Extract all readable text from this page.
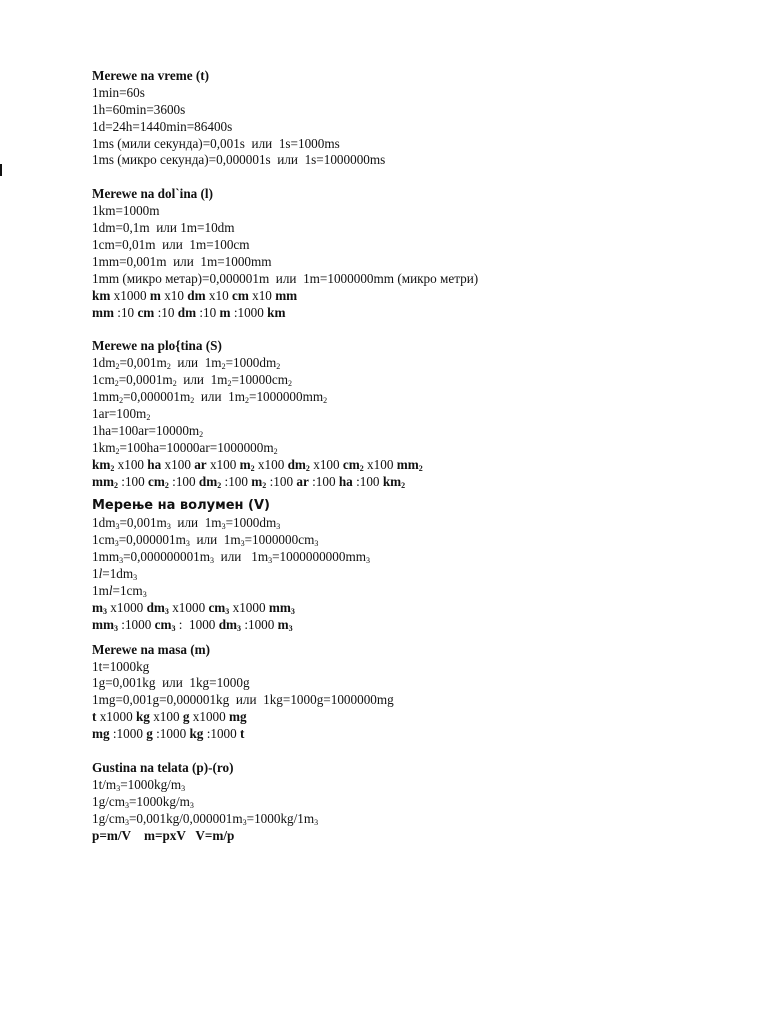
Merewe na vreme (t)
1min=60s
1h=60min=3600s
1d=24h=1440min=86400s
1ms (мили секунда)=0,001s  или  1s=1000ms
1ms (микро секунда)=0,000001s  или  1s=1000000ms
Merewe na dol`ina (l)
1km=1000m
1dm=0,1m  или 1m=10dm
1cm=0,01m  или  1m=100cm
1mm=0,001m  или  1m=1000mm
1mm (микро метар)=0,000001m  или  1m=1000000mm (микро метри)
km x1000 m x10 dm x10 cm x10 mm
mm :10 cm :10 dm :10 m :1000 km
Merewe na plo{tina (S)
$1dm_2=0,001m_2$  или  $1m_2=1000dm_2$
$1cm_2=0,0001m_2$  или  $1m_2=10000cm_2$
$1mm_2=0,000001m_2$  или  $1m_2=1000000mm_2$
$1ar=100m_2$
$1ha=100ar=10000m_2$
$1km_2=100ha=10000ar=1000000m_2$
$km_2$ x100 ha x100 ar x100 $m_2$ x100 $dm_2$ x100 $cm_2$ x100 $mm_2$
$mm_2$ :100 $cm_2$ :100 $dm_2$ :100 $m_2$ :100 ar :100 ha :100 $km_2$
Мерење на волумен (V)
$1dm_3=0,001m_3$  или  $1m_3=1000dm_3$
$1cm_3=0,000001m_3$  или  $1m_3=1000000cm_3$
$1mm_3=0,000000001m_3$  или   $1m_3=1000000000mm_3$
$1l=1dm_3$
$1ml=1cm_3$
$m_3$ x1000 $dm_3$ x1000 $cm_3$ x1000 $mm_3$
$mm_3$ :1000 $cm_3$ :  1000 $dm_3$ :1000 $m_3$
Merewe na masa (m)
1t=1000kg
1g=0,001kg  или  1kg=1000g
1mg=0,001g=0,000001kg  или  1kg=1000g=1000000mg
t x1000 kg x100 g x1000 mg
mg :1000 g :1000 kg :1000 t
Gustina na telata (p)-(ro)
$1t/m_3=1000kg/m_3$
$1g/cm_3=1000kg/m_3$
$1g/cm_3=0,001kg/0,000001m_3=1000kg/1m_3$
p=m/V    m=pxV   V=m/p
